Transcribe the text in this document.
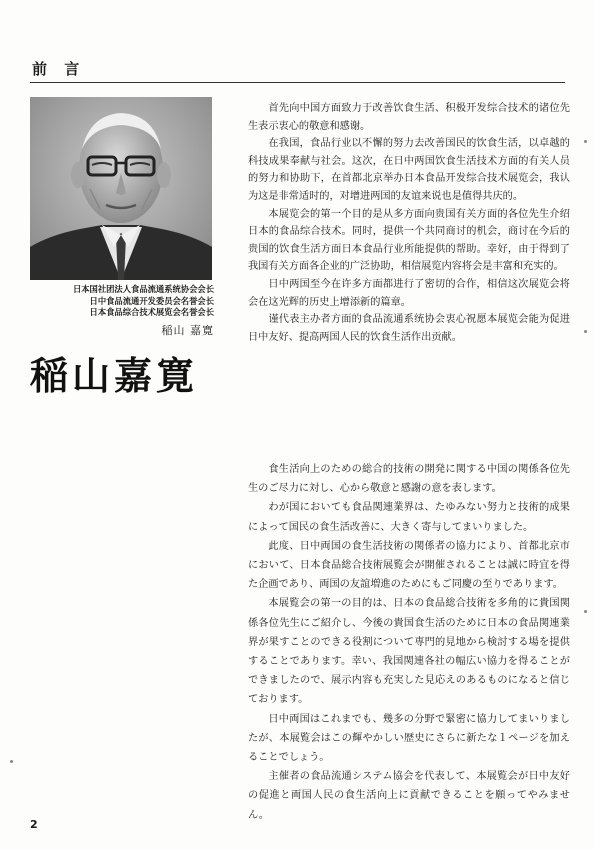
前 言
日本国社团法人食品流通系统协会会长
日中食品流通开发委员会名誉会长
日本食品综合技术展览会名誉会长
稲山 嘉寛
稲山嘉寛

首先向中国方面致力于改善饮食生活、积极开发综合技术的诸位先生表示衷心的敬意和感谢。

在我国，食品行业以不懈的努力去改善国民的饮食生活，以卓越的科技成果奉献与社会。这次，在日中两国饮食生活技术方面的有关人员的努力和协助下，在首都北京举办日本食品开发综合技术展览会，我认为这是非常适时的，对增进两国的友谊来说也是值得共庆的。

本展览会的第一个目的是从多方面向贵国有关方面的各位先生介绍日本的食品综合技术。同时，提供一个共同商讨的机会，商讨在今后的贵国的饮食生活方面日本食品行业所能提供的帮助。幸好，由于得到了我国有关方面各企业的广泛协助，相信展览内容将会是丰富和充实的。

日中两国至今在许多方面都进行了密切的合作，相信这次展览会将会在这光辉的历史上增添新的篇章。

谨代表主办者方面的食品流通系统协会衷心祝愿本展览会能为促进日中友好、提高两国人民的饮食生活作出贡献。

食生活向上のための総合的技術の開発に関する中国の関係各位先生のご尽力に対し、心から敬意と感謝の意を表します。

わが国においても食品関連業界は、たゆみない努力と技術的成果によって国民の食生活改善に、大きく寄与してまいりました。

此度、日中両国の食生活技術の関係者の協力により、首都北京市において、日本食品総合技術展覧会が開催されることは誠に時宜を得た企画であり、両国の友誼増進のためにもご同慶の至りであります。

本展覧会の第一の目的は、日本の食品総合技術を多角的に貴国関係各位先生にご紹介し、今後の貴国食生活のために日本の食品関連業界が果すことのできる役割について専門的見地から検討する場を提供することであります。幸い、我国関連各社の幅広い協力を得ることができましたので、展示内容も充実した見応えのあるものになると信じております。

日中両国はこれまでも、幾多の分野で緊密に協力してまいりましたが、本展覧会はこの輝やかしい歴史にさらに新たな１ページを加えることでしょう。

主催者の食品流通システム協会を代表して、本展覧会が日中友好の促進と両国人民の食生活向上に貢献できることを願ってやみません。

2
